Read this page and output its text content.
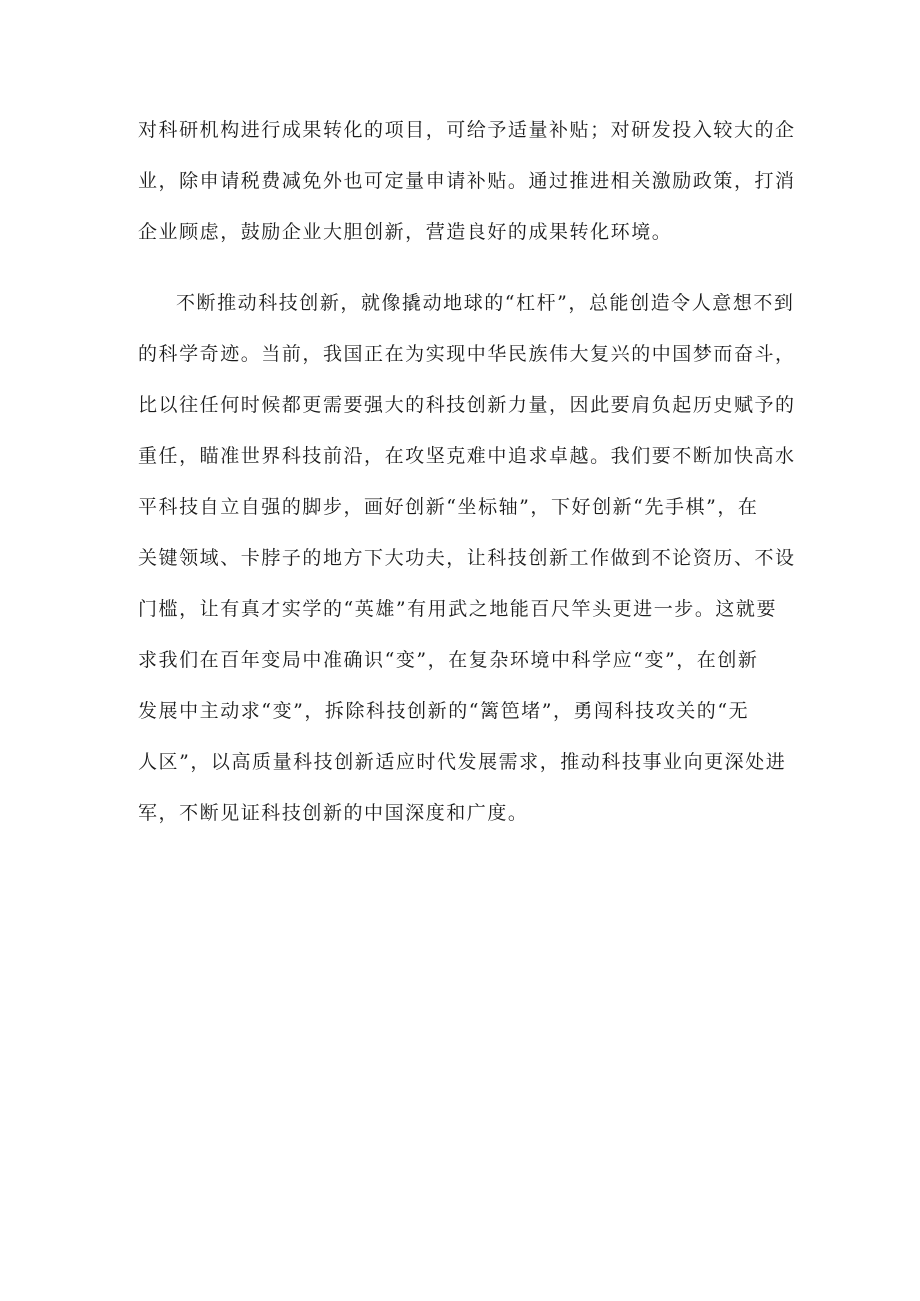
对科研机构进行成果转化的项目，可给予适量补贴；对研发投入较大的企

业，除申请税费减免外也可定量申请补贴。通过推进相关激励政策，打消

企业顾虑，鼓励企业大胆创新，营造良好的成果转化环境。

不断推动科技创新，就像撬动地球的“杠杆”，总能创造令人意想不到

的科学奇迹。当前，我国正在为实现中华民族伟大复兴的中国梦而奋斗，

比以往任何时候都更需要强大的科技创新力量，因此要肩负起历史赋予的

重任，瞄准世界科技前沿，在攻坚克难中追求卓越。我们要不断加快高水

平科技自立自强的脚步，画好创新“坐标轴”，下好创新“先手棋”，在

关键领域、卡脖子的地方下大功夫，让科技创新工作做到不论资历、不设

门槛，让有真才实学的“英雄”有用武之地能百尺竿头更进一步。这就要

求我们在百年变局中准确识“变”，在复杂环境中科学应“变”，在创新

发展中主动求“变”，拆除科技创新的“篱笆堵”，勇闯科技攻关的“无

人区”，以高质量科技创新适应时代发展需求，推动科技事业向更深处进

军，不断见证科技创新的中国深度和广度。
